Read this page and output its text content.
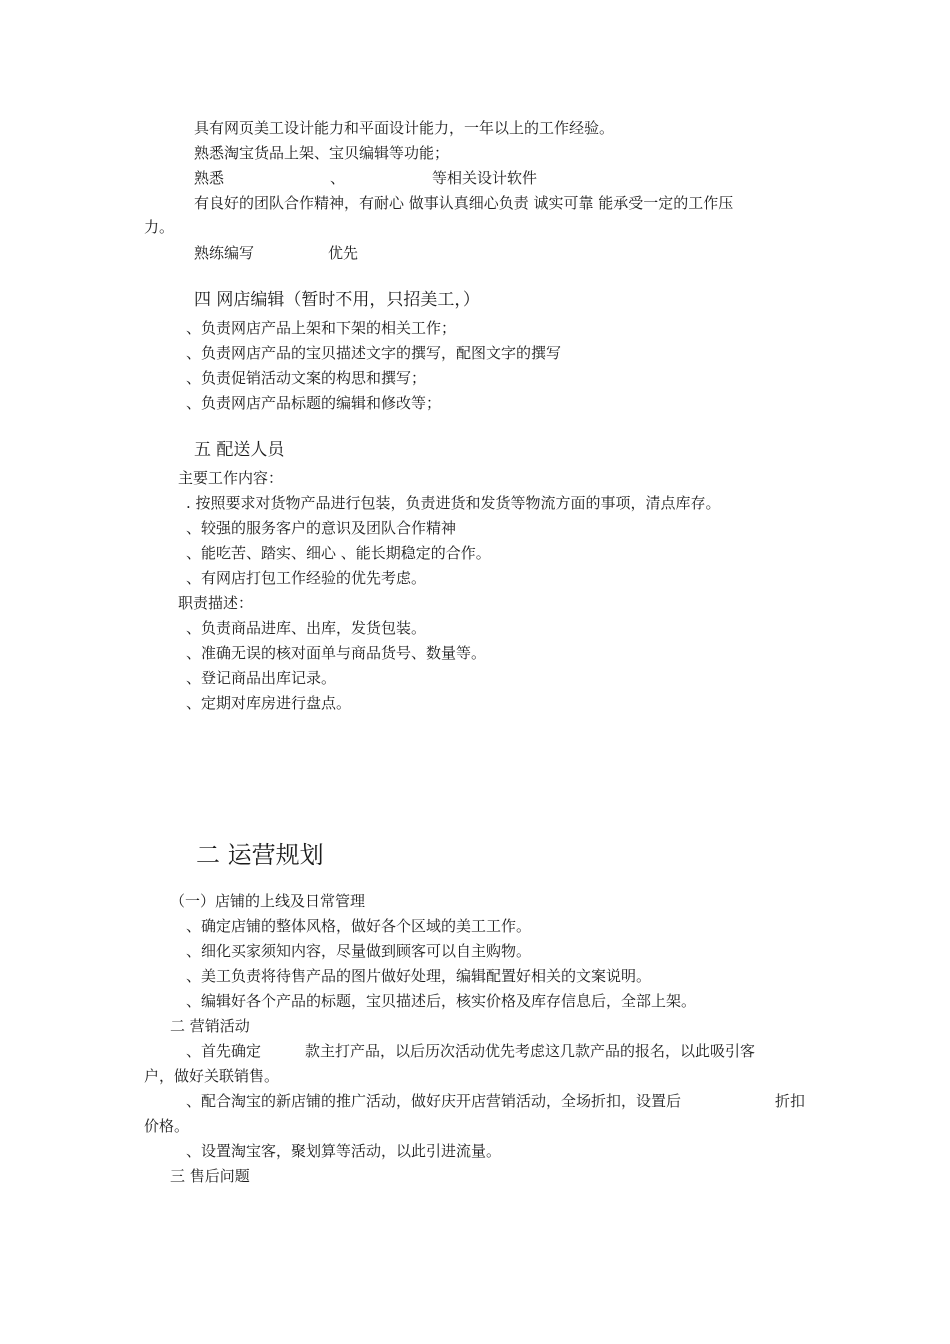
具有网页美工设计能力和平面设计能力，一年以上的工作经验。
熟悉淘宝货品上架、宝贝编辑等功能；
熟悉	、	等相关设计软件
有良好的团队合作精神，有耐心 做事认真细心负责 诚实可靠 能承受一定的工作压
力。
熟练编写	优先
四 网店编辑（暂时不用，只招美工，）
、负责网店产品上架和下架的相关工作；
、负责网店产品的宝贝描述文字的撰写，配图文字的撰写
、负责促销活动文案的构思和撰写；
、负责网店产品标题的编辑和修改等；
五 配送人员
主要工作内容：
. 按照要求对货物产品进行包装，负责进货和发货等物流方面的事项，清点库存。
、较强的服务客户的意识及团队合作精神
、能吃苦、踏实、细心 、能长期稳定的合作。
、有网店打包工作经验的优先考虑。
职责描述：
、负责商品进库、出库，发货包装。
、准确无误的核对面单与商品货号、数量等。
、登记商品出库记录。
、定期对库房进行盘点。
二 运营规划
（一）店铺的上线及日常管理
、确定店铺的整体风格，做好各个区域的美工工作。
、细化买家须知内容，尽量做到顾客可以自主购物。
、美工负责将待售产品的图片做好处理，编辑配置好相关的文案说明。
、编辑好各个产品的标题，宝贝描述后，核实价格及库存信息后，全部上架。
二 营销活动
、首先确定	款主打产品，以后历次活动优先考虑这几款产品的报名，以此吸引客
户，做好关联销售。
、配合淘宝的新店铺的推广活动，做好庆开店营销活动，全场折扣，设置后	折扣
价格。
、设置淘宝客，聚划算等活动，以此引进流量。
三 售后问题
